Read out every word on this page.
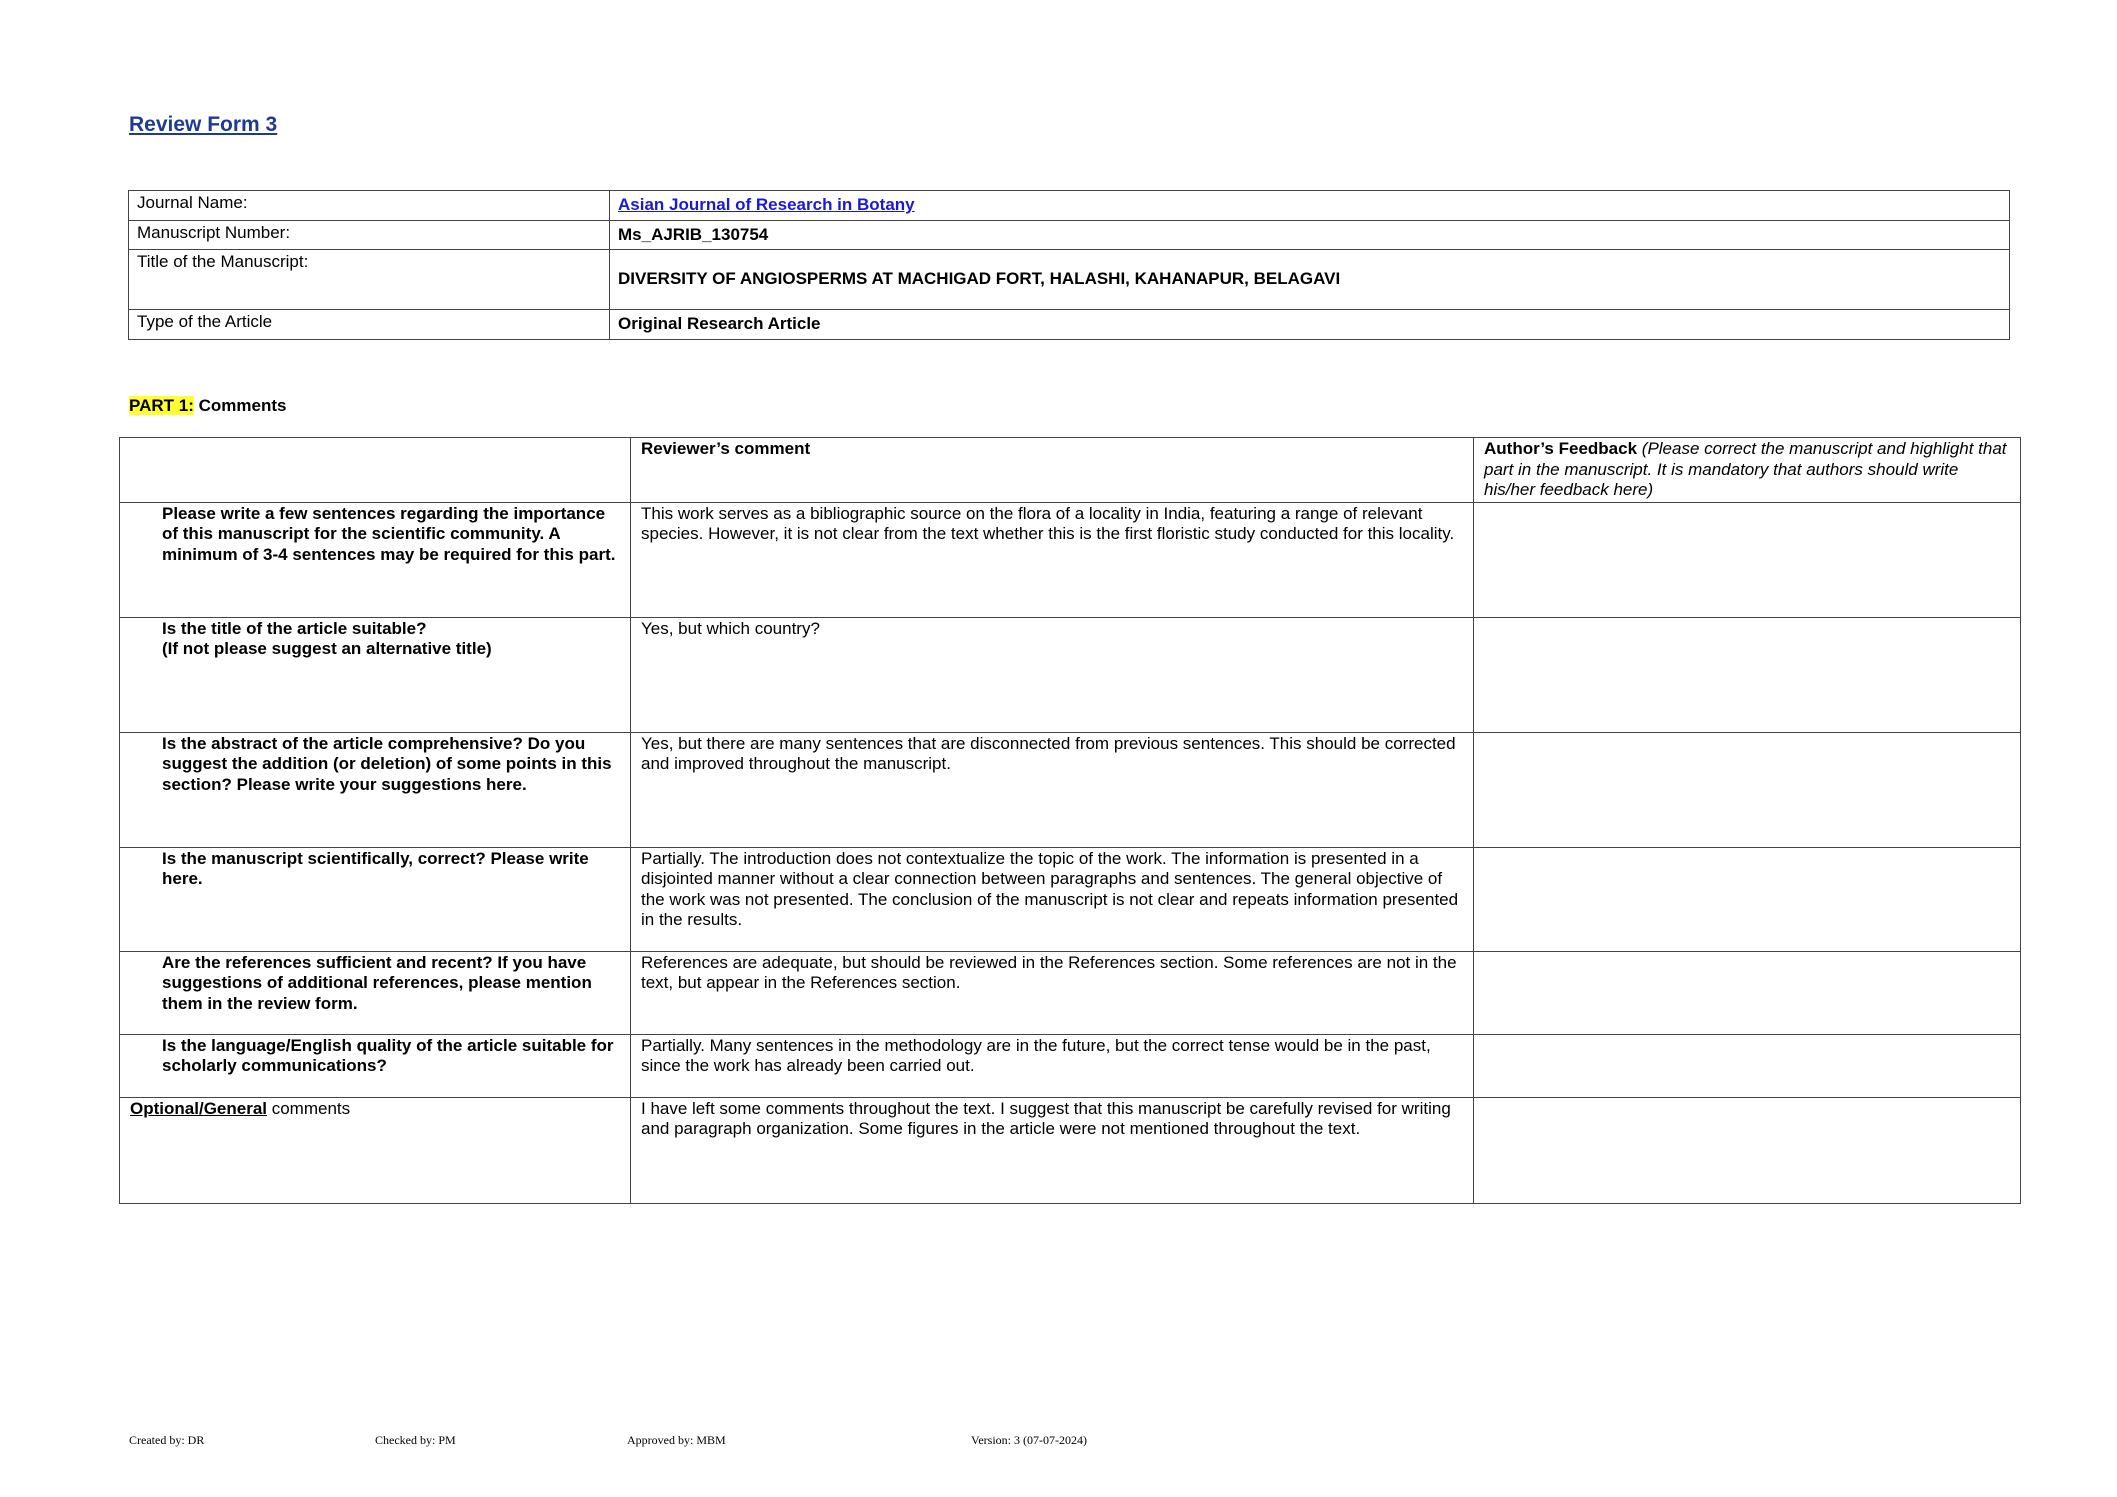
Review Form 3
Journal Name:	Asian Journal of Research in Botany
Manuscript Number:	Ms_AJRIB_130754
Title of the Manuscript:	DIVERSITY OF ANGIOSPERMS AT MACHIGAD FORT, HALASHI, KAHANAPUR, BELAGAVI
Type of the Article	Original Research Article
PART 1: Comments
	Reviewer’s comment	Author’s Feedback (Please correct the manuscript and highlight that part in the manuscript. It is mandatory that authors should write his/her feedback here)
Please write a few sentences regarding the importance of this manuscript for the scientific community. A minimum of 3-4 sentences may be required for this part.	This work serves as a bibliographic source on the flora of a locality in India, featuring a range of relevant species. However, it is not clear from the text whether this is the first floristic study conducted for this locality.	

Is the title of the article suitable?
(If not please suggest an alternative title)	Yes, but which country?	
Is the abstract of the article comprehensive? Do you suggest the addition (or deletion) of some points in this section? Please write your suggestions here.	Yes, but there are many sentences that are disconnected from previous sentences. This should be corrected and improved throughout the manuscript.	
Is the manuscript scientifically, correct? Please write here.	Partially. The introduction does not contextualize the topic of the work. The information is presented in a disjointed manner without a clear connection between paragraphs and sentences. The general objective of the work was not presented. The conclusion of the manuscript is not clear and repeats information presented in the results.	
Are the references sufficient and recent? If you have suggestions of additional references, please mention them in the review form.	References are adequate, but should be reviewed in the References section. Some references are not in the text, but appear in the References section.	
Is the language/English quality of the article suitable for scholarly communications?	Partially. Many sentences in the methodology are in the future, but the correct tense would be in the past, since the work has already been carried out.	
Optional/General comments	I have left some comments throughout the text. I suggest that this manuscript be carefully revised for writing and paragraph organization. Some figures in the article were not mentioned throughout the text.	
Created by: DR	Checked by: PM	Approved by: MBM	Version: 3 (07-07-2024)
